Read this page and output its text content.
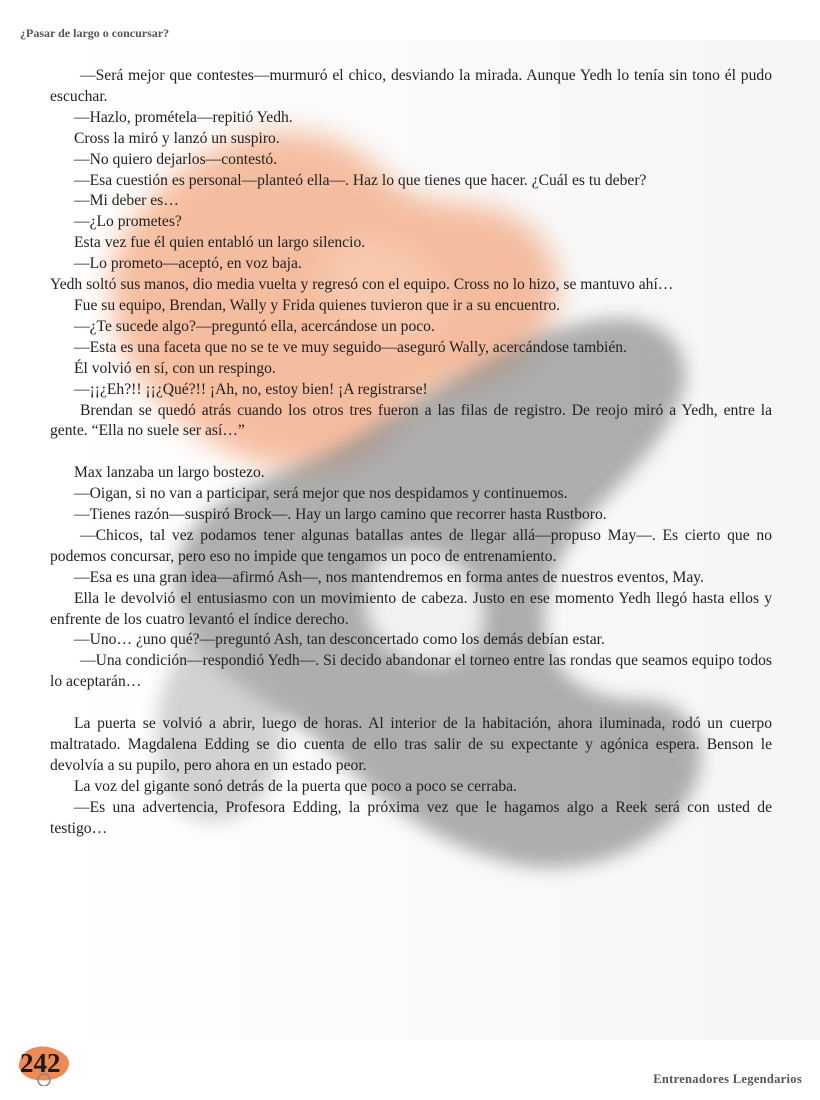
¿Pasar de largo o concursar?

—Será mejor que contestes—murmuró el chico, desviando la mirada. Aunque Yedh lo tenía sin tono él pudo escuchar.

—Hazlo, prométela—repitió Yedh.

Cross la miró y lanzó un suspiro.

—No quiero dejarlos—contestó.

—Esa cuestión es personal—planteó ella—. Haz lo que tienes que hacer. ¿Cuál es tu deber?

—Mi deber es…

—¿Lo prometes?

Esta vez fue él quien entabló un largo silencio.

—Lo prometo—aceptó, en voz baja.

Yedh soltó sus manos, dio media vuelta y regresó con el equipo. Cross no lo hizo, se mantuvo ahí…

Fue su equipo, Brendan, Wally y Frida quienes tuvieron que ir a su encuentro.

—¿Te sucede algo?—preguntó ella, acercándose un poco.

—Esta es una faceta que no se te ve muy seguido—aseguró Wally, acercándose también.

Él volvió en sí, con un respingo.

—¡¡¿Eh?!! ¡¡¿Qué?!! ¡Ah, no, estoy bien! ¡A registrarse!

Brendan se quedó atrás cuando los otros tres fueron a las filas de registro. De reojo miró a Yedh, entre la gente. “Ella no suele ser así…”

Max lanzaba un largo bostezo.

—Oigan, si no van a participar, será mejor que nos despidamos y continuemos.

—Tienes razón—suspiró Brock—. Hay un largo camino que recorrer hasta Rustboro.

—Chicos, tal vez podamos tener algunas batallas antes de llegar allá—propuso May—. Es cierto que no podemos concursar, pero eso no impide que tengamos un poco de entrenamiento.

—Esa es una gran idea—afirmó Ash—, nos mantendremos en forma antes de nuestros eventos, May.

Ella le devolvió el entusiasmo con un movimiento de cabeza. Justo en ese momento Yedh llegó hasta ellos y enfrente de los cuatro levantó el índice derecho.

—Uno… ¿uno qué?—preguntó Ash, tan desconcertado como los demás debían estar.

—Una condición—respondió Yedh—. Si decido abandonar el torneo entre las rondas que seamos equipo todos lo aceptarán…

La puerta se volvió a abrir, luego de horas. Al interior de la habitación, ahora iluminada, rodó un cuerpo maltratado. Magdalena Edding se dio cuenta de ello tras salir de su expectante y agónica espera. Benson le devolvía a su pupilo, pero ahora en un estado peor.

La voz del gigante sonó detrás de la puerta que poco a poco se cerraba.

—Es una advertencia, Profesora Edding, la próxima vez que le hagamos algo a Reek será con usted de testigo…

242
Entrenadores Legendarios
